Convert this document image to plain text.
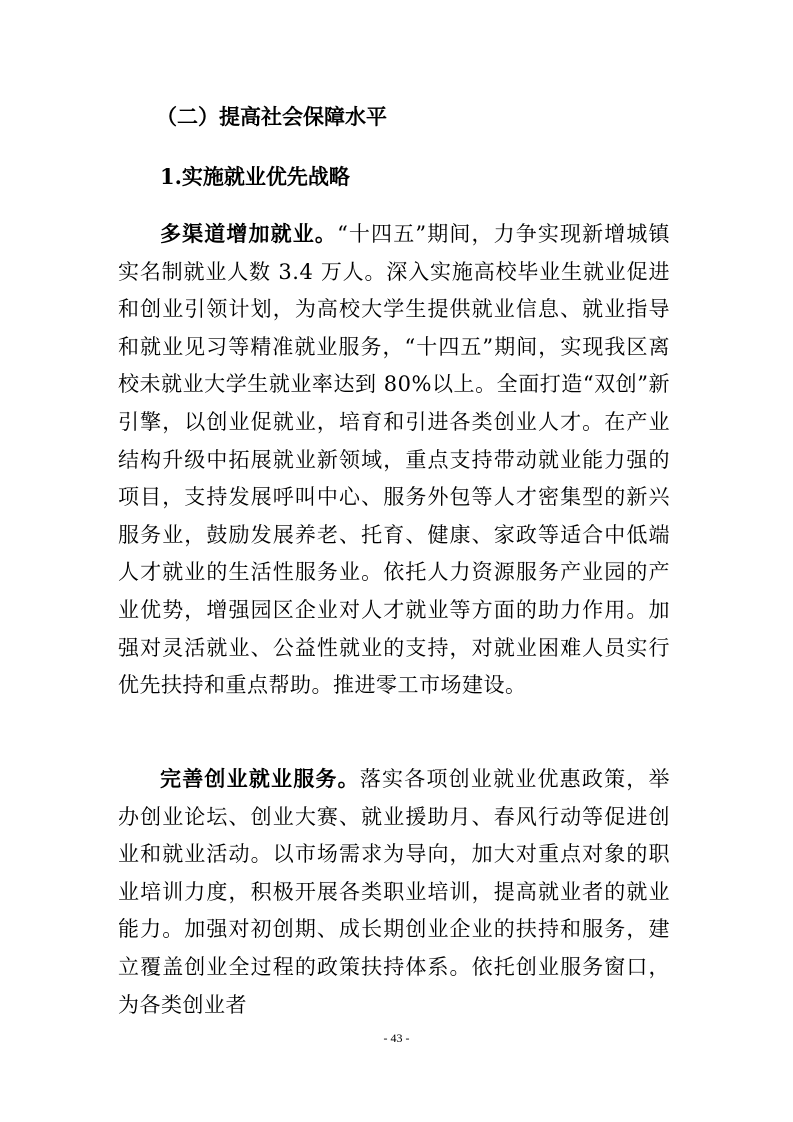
（二）提高社会保障水平
1.实施就业优先战略

多渠道增加就业。“十四五”期间，力争实现新增城镇实名制就业人数 3.4 万人。深入实施高校毕业生就业促进和创业引领计划，为高校大学生提供就业信息、就业指导和就业见习等精准就业服务，“十四五”期间，实现我区离校未就业大学生就业率达到 80%以上。全面打造“双创”新引擎，以创业促就业，培育和引进各类创业人才。在产业结构升级中拓展就业新领域，重点支持带动就业能力强的项目，支持发展呼叫中心、服务外包等人才密集型的新兴服务业，鼓励发展养老、托育、健康、家政等适合中低端人才就业的生活性服务业。依托人力资源服务产业园的产业优势，增强园区企业对人才就业等方面的助力作用。加强对灵活就业、公益性就业的支持，对就业困难人员实行优先扶持和重点帮助。推进零工市场建设。

完善创业就业服务。落实各项创业就业优惠政策，举办创业论坛、创业大赛、就业援助月、春风行动等促进创业和就业活动。以市场需求为导向，加大对重点对象的职业培训力度，积极开展各类职业培训，提高就业者的就业能力。加强对初创期、成长期创业企业的扶持和服务，建立覆盖创业全过程的政策扶持体系。依托创业服务窗口，为各类创业者

- 43 -
